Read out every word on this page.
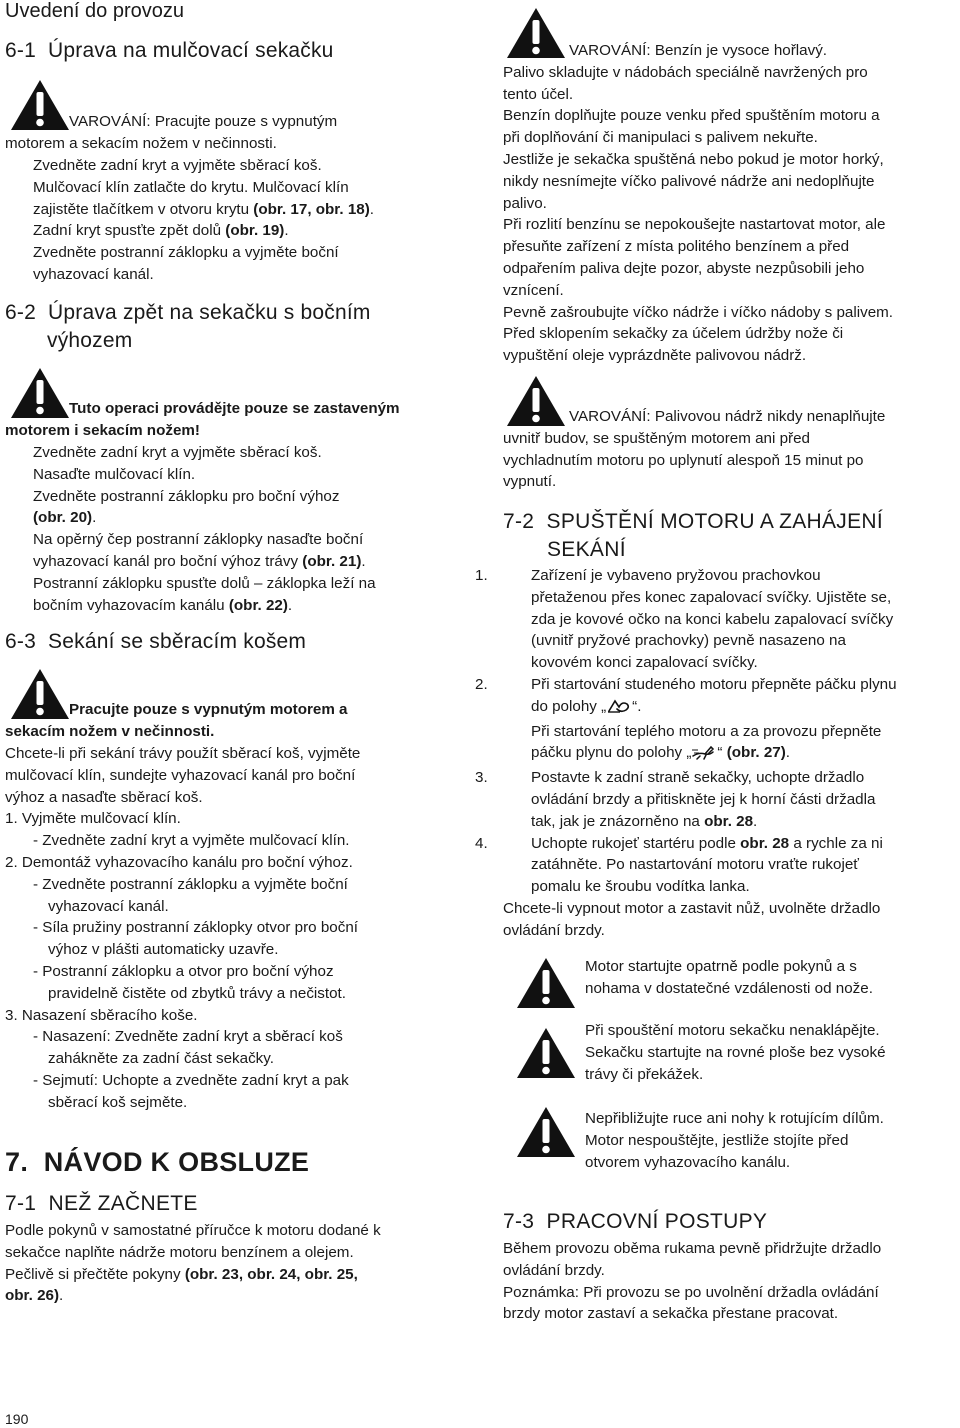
Uvedení do provozu
6-1 Úprava na mulčovací sekačku

VAROVÁNÍ: Pracujte pouze s vypnutým

motorem a sekacím nožem v nečinnosti.

Zvedněte zadní kryt a vyjměte sběrací koš.

Mulčovací klín zatlačte do krytu. Mulčovací klín

zajistěte tlačítkem v otvoru krytu (obr. 17, obr. 18).

Zadní kryt spusťte zpět dolů (obr. 19).

Zvedněte postranní záklopku a vyjměte boční

vyhazovací kanál.

6-2 Úprava zpět na sekačku s bočním
výhozem

Tuto operaci provádějte pouze se zastaveným

motorem i sekacím nožem!

Zvedněte zadní kryt a vyjměte sběrací koš.

Nasaďte mulčovací klín.

Zvedněte postranní záklopku pro boční výhoz

(obr. 20).

Na opěrný čep postranní záklopky nasaďte boční

vyhazovací kanál pro boční výhoz trávy (obr. 21).

Postranní záklopku spusťte dolů – záklopka leží na

bočním vyhazovacím kanálu (obr. 22).

6-3 Sekání se sběracím košem

Pracujte pouze s vypnutým motorem a

sekacím nožem v nečinnosti.

Chcete-li při sekání trávy použít sběrací koš, vyjměte

mulčovací klín, sundejte vyhazovací kanál pro boční

výhoz a nasaďte sběrací koš.

1. Vyjměte mulčovací klín.

- Zvedněte zadní kryt a vyjměte mulčovací klín.

2. Demontáž vyhazovacího kanálu pro boční výhoz.

- Zvedněte postranní záklopku a vyjměte boční

vyhazovací kanál.

- Síla pružiny postranní záklopky otvor pro boční

výhoz v plášti automaticky uzavře.

- Postranní záklopku a otvor pro boční výhoz

pravidelně čistěte od zbytků trávy a nečistot.

3. Nasazení sběracího koše.

- Nasazení: Zvedněte zadní kryt a sběrací koš

zahákněte za zadní část sekačky.

- Sejmutí: Uchopte a zvedněte zadní kryt a pak

sběrací koš sejměte.

7. NÁVOD K OBSLUZE
7-1 NEŽ ZAČNETE

Podle pokynů v samostatné příručce k motoru dodané k

sekačce naplňte nádrže motoru benzínem a olejem.

Pečlivě si přečtěte pokyny (obr. 23, obr. 24, obr. 25,

obr. 26).

VAROVÁNÍ: Benzín je vysoce hořlavý.

Palivo skladujte v nádobách speciálně navržených pro

tento účel.

Benzín doplňujte pouze venku před spuštěním motoru a

při doplňování či manipulaci s palivem nekuřte.

Jestliže je sekačka spuštěná nebo pokud je motor horký,

nikdy nesnímejte víčko palivové nádrže ani nedoplňujte

palivo.

Při rozlití benzínu se nepokoušejte nastartovat motor, ale

přesuňte zařízení z místa politého benzínem a před

odpařením paliva dejte pozor, abyste nezpůsobili jeho

vznícení.

Pevně zašroubujte víčko nádrže i víčko nádoby s palivem.

Před sklopením sekačky za účelem údržby nože či

vypuštění oleje vyprázdněte palivovou nádrž.

VAROVÁNÍ: Palivovou nádrž nikdy nenaplňujte

uvnitř budov, se spuštěným motorem ani před

vychladnutím motoru po uplynutí alespoň 15 minut po

vypnutí.

7-2 SPUŠTĚNÍ MOTORU A ZAHÁJENÍ
SEKÁNÍ

1.	Zařízení je vybaveno pryžovou prachovkou

přetaženou přes konec zapalovací svíčky. Ujistěte se,

zda je kovové očko na konci kabelu zapalovací svíčky

(uvnitř pryžové prachovky) pevně nasazeno na

kovovém konci zapalovací svíčky.

2.	Při startování studeného motoru přepněte páčku plynu

do polohy „ “.

Při startování teplého motoru a za provozu přepněte

páčku plynu do polohy „ “ (obr. 27).

3.	Postavte k zadní straně sekačky, uchopte držadlo

ovládání brzdy a přitiskněte jej k horní části držadla

tak, jak je znázorněno na obr. 28.

4.	Uchopte rukojeť startéru podle obr. 28 a rychle za ni

zatáhněte. Po nastartování motoru vraťte rukojeť

pomalu ke šroubu vodítka lanka.

Chcete-li vypnout motor a zastavit nůž, uvolněte držadlo

ovládání brzdy.

Motor startujte opatrně podle pokynů a s

nohama v dostatečné vzdálenosti od nože.

Při spouštění motoru sekačku nenaklápějte.

Sekačku startujte na rovné ploše bez vysoké

trávy či překážek.

Nepřibližujte ruce ani nohy k rotujícím dílům.

Motor nespouštějte, jestliže stojíte před

otvorem vyhazovacího kanálu.

7-3 PRACOVNÍ POSTUPY

Během provozu oběma rukama pevně přidržujte držadlo

ovládání brzdy.

Poznámka: Při provozu se po uvolnění držadla ovládání

brzdy motor zastaví a sekačka přestane pracovat.

190
